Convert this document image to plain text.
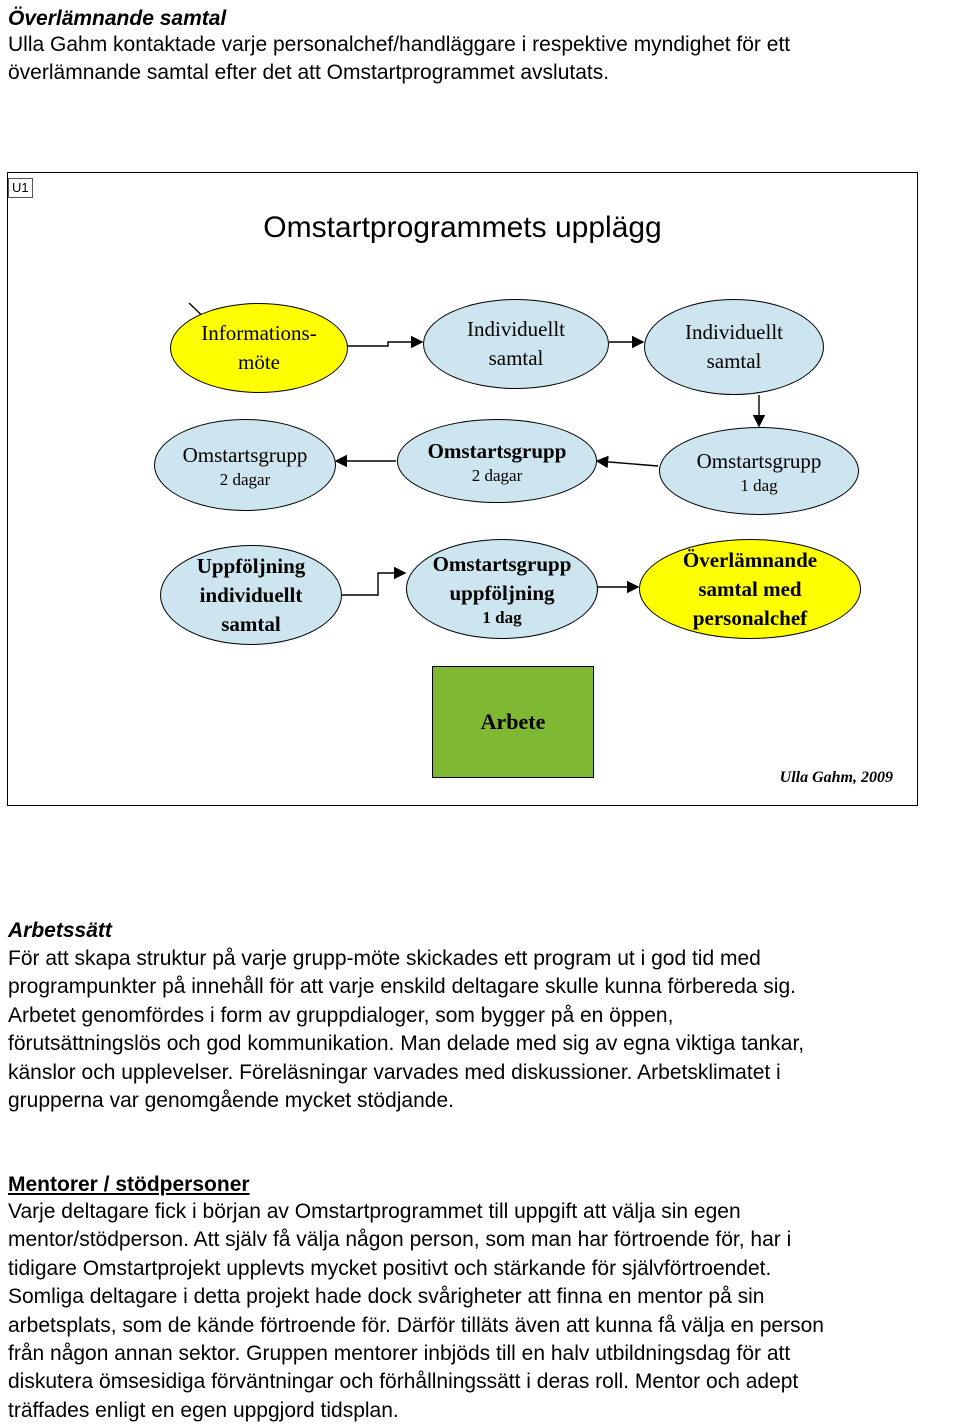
Överlämnande samtal
Ulla Gahm kontaktade varje personalchef/handläggare i respektive myndighet för ett
överlämnande samtal efter det att Omstartprogrammet avslutats.
U1
Omstartprogrammets upplägg
Informations-
möte
Individuellt
samtal
Individuellt
samtal
Omstartsgrupp
2 dagar
Omstartsgrupp
2 dagar
Omstartsgrupp
1 dag
Uppföljning
individuellt
samtal
Omstartsgrupp
uppföljning
1 dag
Överlämnande
samtal med
personalchef
Arbete
Ulla Gahm, 2009
Arbetssätt
För att skapa struktur på varje grupp-möte skickades ett program ut i god tid med
programpunkter på innehåll för att varje enskild deltagare skulle kunna förbereda sig.
Arbetet genomfördes i form av gruppdialoger, som bygger på en öppen,
förutsättningslös och god kommunikation. Man delade med sig av egna viktiga tankar,
känslor och upplevelser. Föreläsningar varvades med diskussioner. Arbetsklimatet i
grupperna var genomgående mycket stödjande.
Mentorer / stödpersoner
Varje deltagare fick i början av Omstartprogrammet till uppgift att välja sin egen
mentor/stödperson. Att själv få välja någon person, som man har förtroende för, har i
tidigare Omstartprojekt upplevts mycket positivt och stärkande för självförtroendet.
Somliga deltagare i detta projekt hade dock svårigheter att finna en mentor på sin
arbetsplats, som de kände förtroende för. Därför tilläts även att kunna få välja en person
från någon annan sektor. Gruppen mentorer inbjöds till en halv utbildningsdag för att
diskutera ömsesidiga förväntningar och förhållningssätt i deras roll. Mentor och adept
träffades enligt en egen uppgjord tidsplan.
